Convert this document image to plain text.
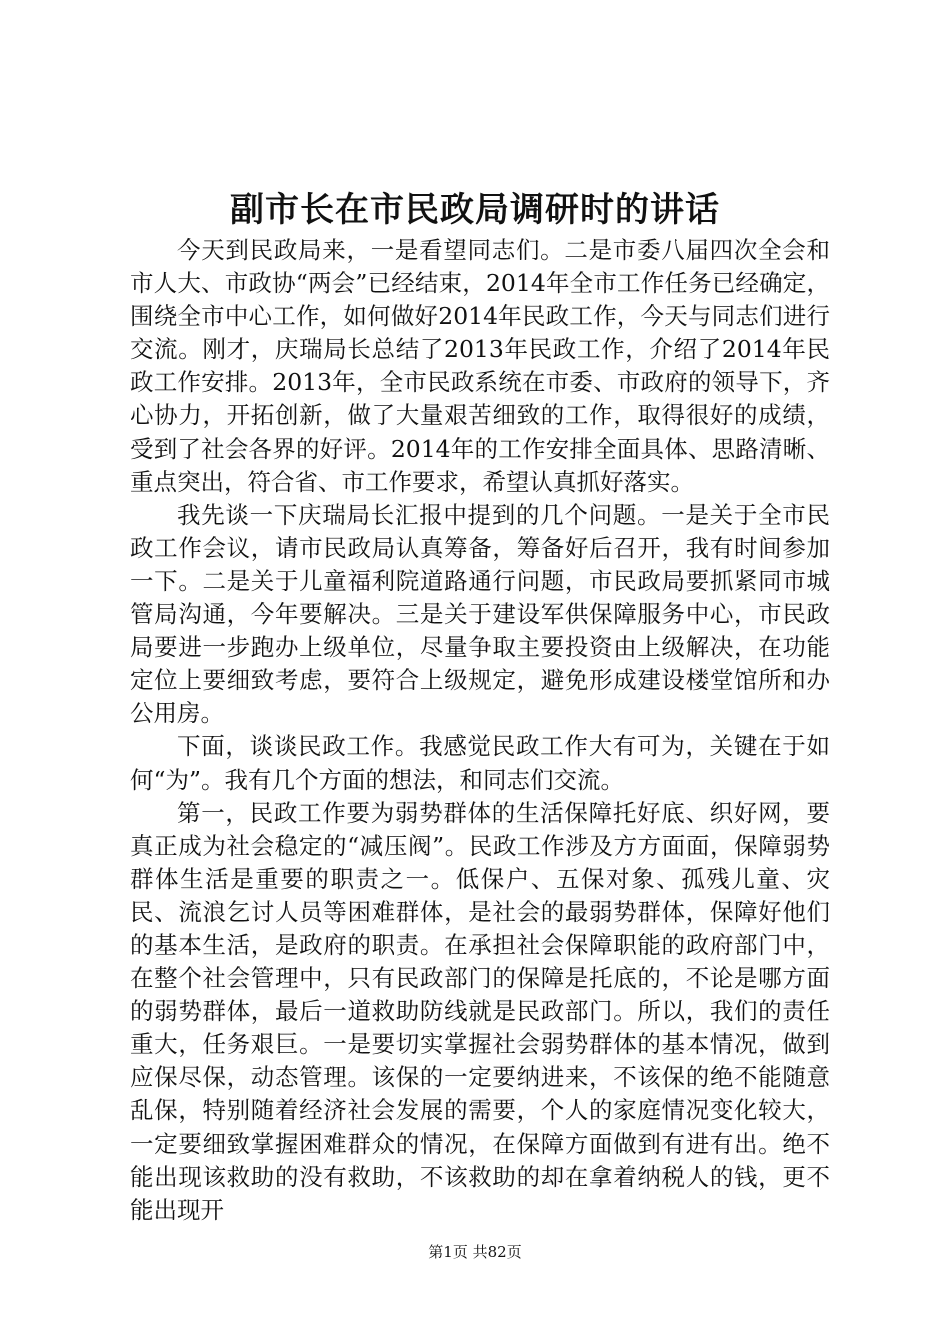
副市长在市民政局调研时的讲话

今天到民政局来，一是看望同志们。二是市委八届四次全会和市人大、市政协“两会”已经结束，2014年全市工作任务已经确定，围绕全市中心工作，如何做好2014年民政工作，今天与同志们进行交流。刚才，庆瑞局长总结了2013年民政工作，介绍了2014年民政工作安排。2013年，全市民政系统在市委、市政府的领导下，齐心协力，开拓创新，做了大量艰苦细致的工作，取得很好的成绩，受到了社会各界的好评。2014年的工作安排全面具体、思路清晰、重点突出，符合省、市工作要求，希望认真抓好落实。

我先谈一下庆瑞局长汇报中提到的几个问题。一是关于全市民政工作会议，请市民政局认真筹备，筹备好后召开，我有时间参加一下。二是关于儿童福利院道路通行问题，市民政局要抓紧同市城管局沟通，今年要解决。三是关于建设军供保障服务中心，市民政局要进一步跑办上级单位，尽量争取主要投资由上级解决，在功能定位上要细致考虑，要符合上级规定，避免形成建设楼堂馆所和办公用房。

下面，谈谈民政工作。我感觉民政工作大有可为，关键在于如何“为”。我有几个方面的想法，和同志们交流。

第一，民政工作要为弱势群体的生活保障托好底、织好网，要真正成为社会稳定的“减压阀”。民政工作涉及方方面面，保障弱势群体生活是重要的职责之一。低保户、五保对象、孤残儿童、灾民、流浪乞讨人员等困难群体，是社会的最弱势群体，保障好他们的基本生活，是政府的职责。在承担社会保障职能的政府部门中，在整个社会管理中，只有民政部门的保障是托底的，不论是哪方面的弱势群体，最后一道救助防线就是民政部门。所以，我们的责任重大，任务艰巨。一是要切实掌握社会弱势群体的基本情况，做到应保尽保，动态管理。该保的一定要纳进来，不该保的绝不能随意乱保，特别随着经济社会发展的需要，个人的家庭情况变化较大，一定要细致掌握困难群众的情况，在保障方面做到有进有出。绝不能出现该救助的没有救助，不该救助的却在拿着纳税人的钱，更不能出现开

第1页 共82页
